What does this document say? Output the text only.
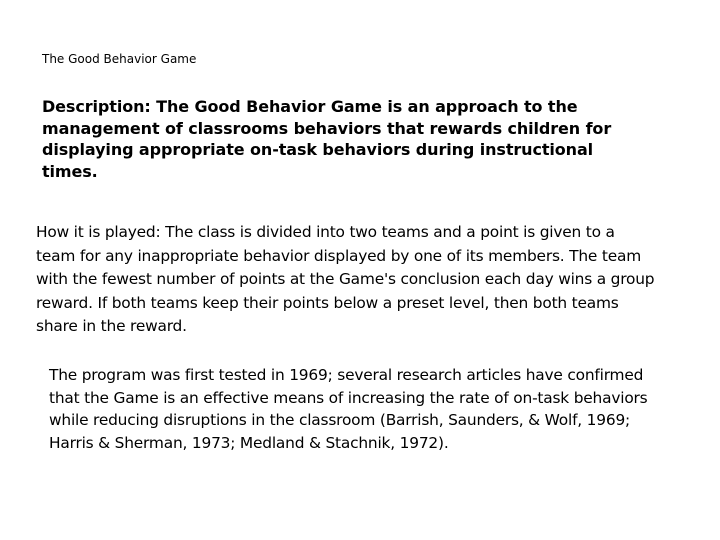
The Good Behavior Game
Description: The Good Behavior Game is an approach to the management of classrooms behaviors that rewards children for displaying appropriate on-task behaviors during instructional times.
How it is played: The class is divided into two teams and a point is given to a team for any inappropriate behavior displayed by one of its members. The team with the fewest number of points at the Game's conclusion each day wins a group reward. If both teams keep their points below a preset level, then both teams share in the reward.
The program was first tested in 1969; several research articles have confirmed that the Game is an effective means of increasing the rate of on-task behaviors while reducing disruptions in the classroom (Barrish, Saunders, & Wolf, 1969; Harris & Sherman, 1973; Medland & Stachnik, 1972).
